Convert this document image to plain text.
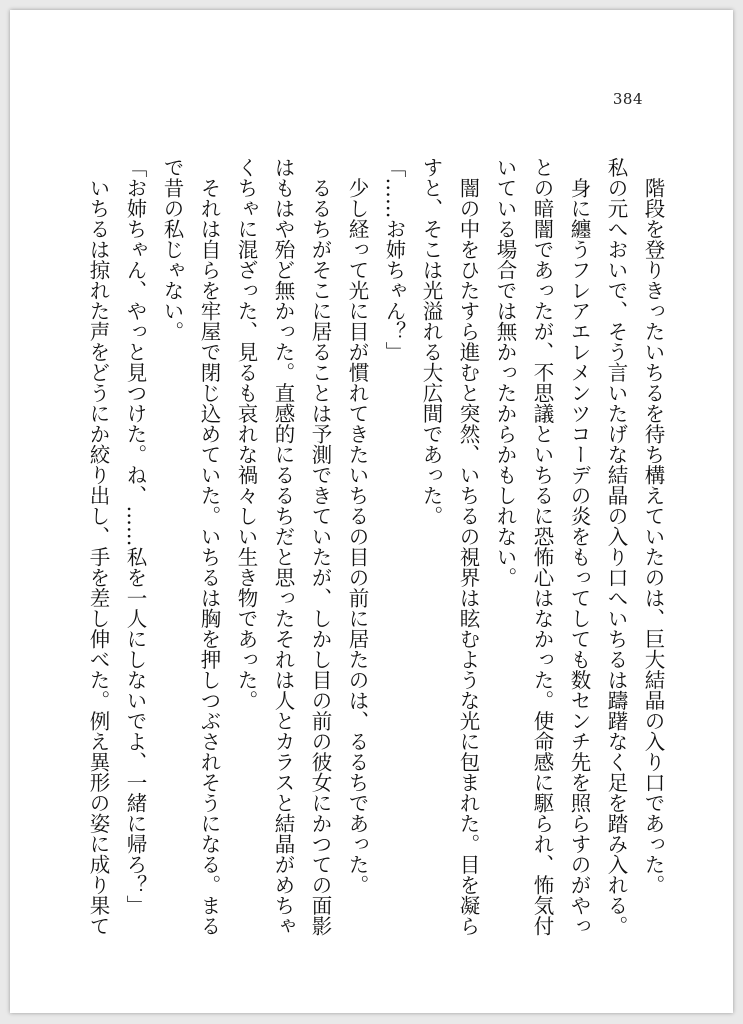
384
　階段を登りきったいちるを待ち構えていたのは、巨大結晶の入り口であった。
私の元へおいで、そう言いたげな結晶の入り口へいちるは躊躇なく足を踏み入れる。
　身に纏うフレアエレメンツコーデの炎をもってしても数センチ先を照らすのがやっ
との暗闇であったが、不思議といちるに恐怖心はなかった。使命感に駆られ、怖気付
いている場合では無かったからかもしれない。
　闇の中をひたすら進むと突然、いちるの視界は眩むような光に包まれた。目を凝ら
すと、そこは光溢れる大広間であった。
「……お姉ちゃん？」
　少し経って光に目が慣れてきたいちるの目の前に居たのは、るるちであった。
　るるちがそこに居ることは予測できていたが、しかし目の前の彼女にかつての面影
はもはや殆ど無かった。直感的にるるちだと思ったそれは人とカラスと結晶がめちゃ
くちゃに混ざった、見るも哀れな禍々しい生き物であった。
　それは自らを牢屋で閉じ込めていた。いちるは胸を押しつぶされそうになる。まる
で昔の私じゃない。
「お姉ちゃん、やっと見つけた。ね、……私を一人にしないでよ、一緒に帰ろ？」
　いちるは掠れた声をどうにか絞り出し、手を差し伸べた。例え異形の姿に成り果て
